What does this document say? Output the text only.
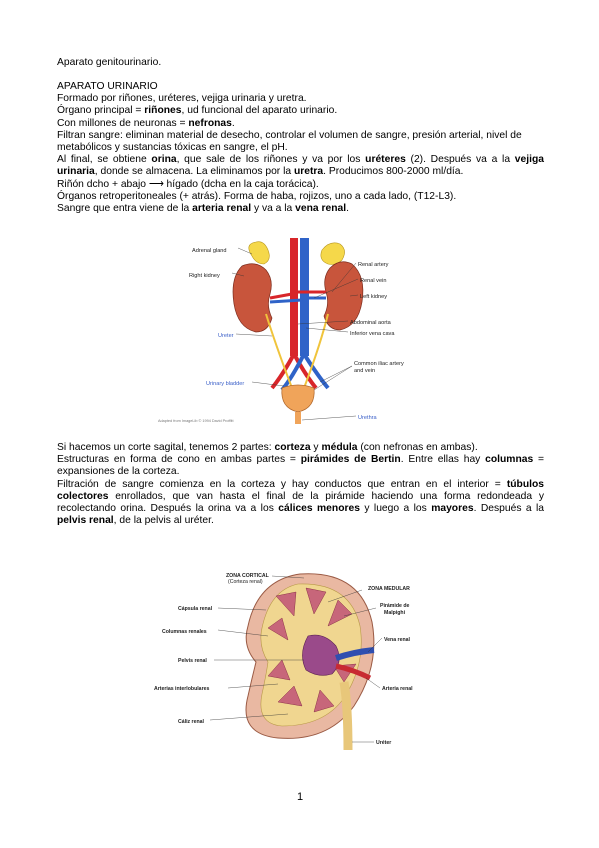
Aparato genitourinario.

APARATO URINARIO

Formado por riñones, uréteres, vejiga urinaria y uretra.

Órgano principal = riñones, ud funcional del aparato urinario.

Con millones de neuronas = nefronas.

Filtran sangre: eliminan material de desecho, controlar el volumen de sangre, presión arterial, nivel de metabólicos y sustancias tóxicas en sangre, el pH.

Al final, se obtiene orina, que sale de los riñones y va por los uréteres (2). Después va a la vejiga urinaria, donde se almacena. La eliminamos por la uretra. Producimos 800-2000 ml/día.

Riñón dcho + abajo ⟶ hígado (dcha en la caja torácica).

Órganos retroperitoneales (+ atrás). Forma de haba, rojizos, uno a cada lado, (T12-L3).

Sangre que entra viene de la arteria renal y va a la vena renal.

Adrenal gland
Right kidney
Renal artery
Renal vein
Left kidney
Abdominal aorta
Inferior vena cava
Ureter
Common iliac artery
and vein
Urinary bladder
Urethra
Adapted from ImageLib © 1994 David Proffitt

Si hacemos un corte sagital, tenemos 2 partes: corteza y médula (con nefronas en ambas).

Estructuras en forma de cono en ambas partes = pirámides de Bertin. Entre ellas hay columnas = expansiones de la corteza.

Filtración de sangre comienza en la corteza y hay conductos que entran en el interior = túbulos colectores enrollados, que van hasta el final de la pirámide haciendo una forma redondeada y recolectando orina. Después la orina va a los cálices menores y luego a los mayores. Después a la pelvis renal, de la pelvis al uréter.

ZONA CORTICAL
(Corteza renal)
ZONA MEDULAR
Cápsula renal	Pirámide de
Malpighi
Columnas renales
Vena renal
Pelvis renal
Arteria renal
Arterias interlobulares
Cáliz renal
Uréter
1
